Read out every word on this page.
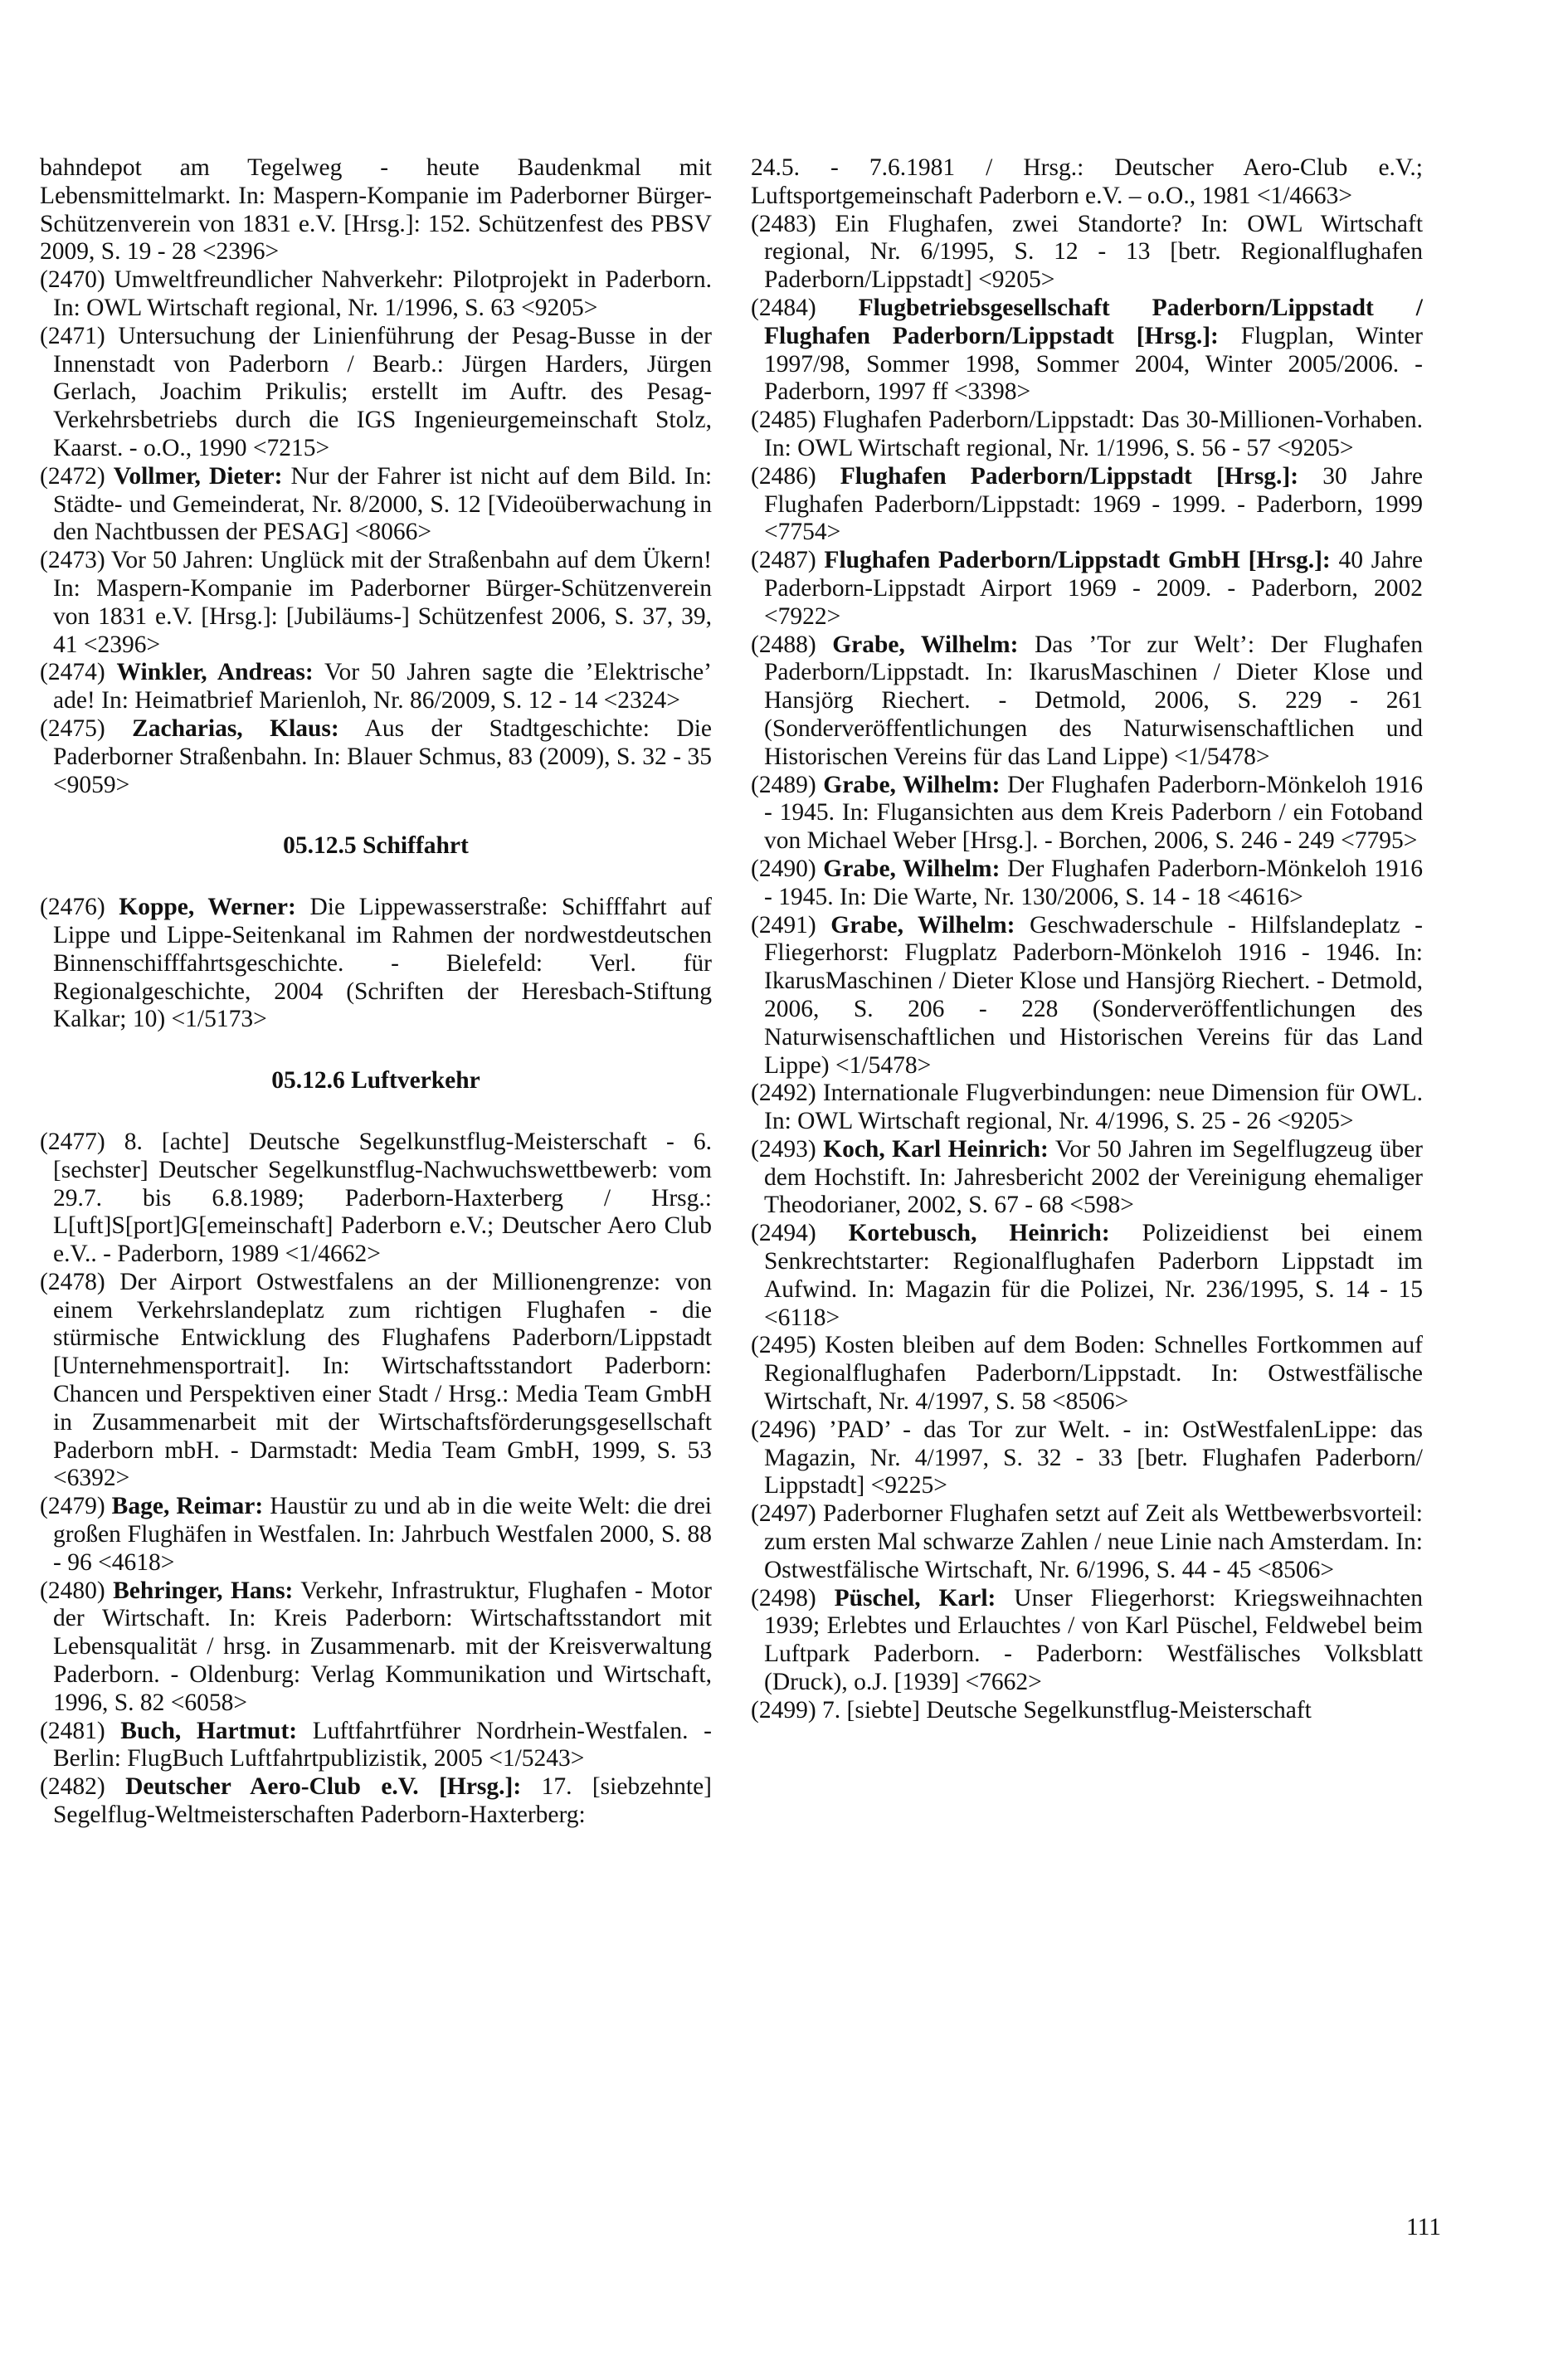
bahndepot am Tegelweg - heute Baudenkmal mit Lebensmittelmarkt. In: Maspern-Kompanie im Paderborner Bürger-Schützenverein von 1831 e.V. [Hrsg.]: 152. Schützenfest des PBSV 2009, S. 19 - 28 <2396>

(2470) Umweltfreundlicher Nahverkehr: Pilotprojekt in Paderborn. In: OWL Wirtschaft regional, Nr. 1/1996, S. 63 <9205>

(2471) Untersuchung der Linienführung der Pesag-Busse in der Innenstadt von Paderborn / Bearb.: Jürgen Harders, Jürgen Gerlach, Joachim Prikulis; erstellt im Auftr. des Pesag-Verkehrsbetriebs durch die IGS Ingenieurgemeinschaft Stolz, Kaarst. - o.O., 1990 <7215>

(2472) Vollmer, Dieter: Nur der Fahrer ist nicht auf dem Bild. In: Städte- und Gemeinderat, Nr. 8/2000, S. 12 [Videoüberwachung in den Nachtbussen der PESAG] <8066>

(2473) Vor 50 Jahren: Unglück mit der Straßenbahn auf dem Ükern! In: Maspern-Kompanie im Paderborner Bürger-Schützenverein von 1831 e.V. [Hrsg.]: [Jubiläums-] Schützenfest 2006, S. 37, 39, 41 <2396>

(2474) Winkler, Andreas: Vor 50 Jahren sagte die ’Elektrische’ ade! In: Heimatbrief Marienloh, Nr. 86/2009, S. 12 - 14 <2324>

(2475) Zacharias, Klaus: Aus der Stadtgeschichte: Die Paderborner Straßenbahn. In: Blauer Schmus, 83 (2009), S. 32 - 35 <9059>

05.12.5 Schiffahrt

(2476) Koppe, Werner: Die Lippewasserstraße: Schifffahrt auf Lippe und Lippe-Seitenkanal im Rahmen der nordwestdeutschen Binnenschifffahrtsgeschichte. - Bielefeld: Verl. für Regionalgeschichte, 2004 (Schriften der Heresbach-Stiftung Kalkar; 10) <1/5173>

05.12.6 Luftverkehr

(2477) 8. [achte] Deutsche Segelkunstflug-Meisterschaft - 6. [sechster] Deutscher Segelkunstflug-Nachwuchswettbewerb: vom 29.7. bis 6.8.1989; Paderborn-Haxterberg / Hrsg.: L[uft]S[port]G[emeinschaft] Paderborn e.V.; Deutscher Aero Club e.V.. - Paderborn, 1989 <1/4662>

(2478) Der Airport Ostwestfalens an der Millionengrenze: von einem Verkehrslandeplatz zum richtigen Flughafen - die stürmische Entwicklung des Flughafens Paderborn/Lippstadt [Unternehmensportrait]. In: Wirtschaftsstandort Paderborn: Chancen und Perspektiven einer Stadt / Hrsg.: Media Team GmbH in Zusammenarbeit mit der Wirtschaftsförderungsgesellschaft Paderborn mbH. - Darmstadt: Media Team GmbH, 1999, S. 53 <6392>

(2479) Bage, Reimar: Haustür zu und ab in die weite Welt: die drei großen Flughäfen in Westfalen. In: Jahrbuch Westfalen 2000, S. 88 - 96 <4618>

(2480) Behringer, Hans: Verkehr, Infrastruktur, Flughafen - Motor der Wirtschaft. In: Kreis Paderborn: Wirtschaftsstandort mit Lebensqualität / hrsg. in Zusammenarb. mit der Kreisverwaltung Paderborn. - Oldenburg: Verlag Kommunikation und Wirtschaft, 1996, S. 82 <6058>

(2481) Buch, Hartmut: Luftfahrtführer Nordrhein-Westfalen. - Berlin: FlugBuch Luftfahrtpublizistik, 2005 <1/5243>

(2482) Deutscher Aero-Club e.V. [Hrsg.]: 17. [siebzehnte] Segelflug-Weltmeisterschaften Paderborn-Haxterberg:

24.5. - 7.6.1981 / Hrsg.: Deutscher Aero-Club e.V.; Luftsportgemeinschaft Paderborn e.V. – o.O., 1981 <1/4663>

(2483) Ein Flughafen, zwei Standorte? In: OWL Wirtschaft regional, Nr. 6/1995, S. 12 - 13 [betr. Regionalflughafen Paderborn/Lippstadt] <9205>

(2484) Flugbetriebsgesellschaft Paderborn/Lippstadt / Flughafen Paderborn/Lippstadt [Hrsg.]: Flugplan, Winter 1997/98, Sommer 1998, Sommer 2004, Winter 2005/2006. - Paderborn, 1997 ff <3398>

(2485) Flughafen Paderborn/Lippstadt: Das 30-Millionen-Vorhaben. In: OWL Wirtschaft regional, Nr. 1/1996, S. 56 - 57 <9205>

(2486) Flughafen Paderborn/Lippstadt [Hrsg.]: 30 Jahre Flughafen Paderborn/Lippstadt: 1969 - 1999. - Paderborn, 1999 <7754>

(2487) Flughafen Paderborn/Lippstadt GmbH [Hrsg.]: 40 Jahre Paderborn-Lippstadt Airport 1969 - 2009. - Paderborn, 2002 <7922>

(2488) Grabe, Wilhelm: Das ’Tor zur Welt’: Der Flughafen Paderborn/Lippstadt. In: IkarusMaschinen / Dieter Klose und Hansjörg Riechert. - Detmold, 2006, S. 229 - 261 (Sonderveröffentlichungen des Naturwisenschaftlichen und Historischen Vereins für das Land Lippe) <1/5478>

(2489) Grabe, Wilhelm: Der Flughafen Paderborn-Mönkeloh 1916 - 1945. In: Flugansichten aus dem Kreis Paderborn / ein Fotoband von Michael Weber [Hrsg.]. - Borchen, 2006, S. 246 - 249 <7795>

(2490) Grabe, Wilhelm: Der Flughafen Paderborn-Mönkeloh 1916 - 1945. In: Die Warte, Nr. 130/2006, S. 14 - 18 <4616>

(2491) Grabe, Wilhelm: Geschwaderschule - Hilfslandeplatz - Fliegerhorst: Flugplatz Paderborn-Mönkeloh 1916 - 1946. In: IkarusMaschinen / Dieter Klose und Hansjörg Riechert. - Detmold, 2006, S. 206 - 228 (Sonderveröffentlichungen des Naturwisenschaftlichen und Historischen Vereins für das Land Lippe) <1/5478>

(2492) Internationale Flugverbindungen: neue Dimension für OWL. In: OWL Wirtschaft regional, Nr. 4/1996, S. 25 - 26 <9205>

(2493) Koch, Karl Heinrich: Vor 50 Jahren im Segelflugzeug über dem Hochstift. In: Jahresbericht 2002 der Vereinigung ehemaliger Theodorianer, 2002, S. 67 - 68 <598>

(2494) Kortebusch, Heinrich: Polizeidienst bei einem Senkrechtstarter: Regionalflughafen Paderborn Lippstadt im Aufwind. In: Magazin für die Polizei, Nr. 236/1995, S. 14 - 15 <6118>

(2495) Kosten bleiben auf dem Boden: Schnelles Fortkommen auf Regionalflughafen Paderborn/Lippstadt. In: Ostwestfälische Wirtschaft, Nr. 4/1997, S. 58 <8506>

(2496) ’PAD’ - das Tor zur Welt. - in: OstWestfalenLippe: das Magazin, Nr. 4/1997, S. 32 - 33 [betr. Flughafen Paderborn/ Lippstadt] <9225>

(2497) Paderborner Flughafen setzt auf Zeit als Wettbewerbsvorteil: zum ersten Mal schwarze Zahlen / neue Linie nach Amsterdam. In: Ostwestfälische Wirtschaft, Nr. 6/1996, S. 44 - 45 <8506>

(2498) Püschel, Karl: Unser Fliegerhorst: Kriegsweihnachten 1939; Erlebtes und Erlauchtes / von Karl Püschel, Feldwebel beim Luftpark Paderborn. - Paderborn: Westfälisches Volksblatt (Druck), o.J. [1939] <7662>

(2499) 7. [siebte] Deutsche Segelkunstflug-Meisterschaft

111
